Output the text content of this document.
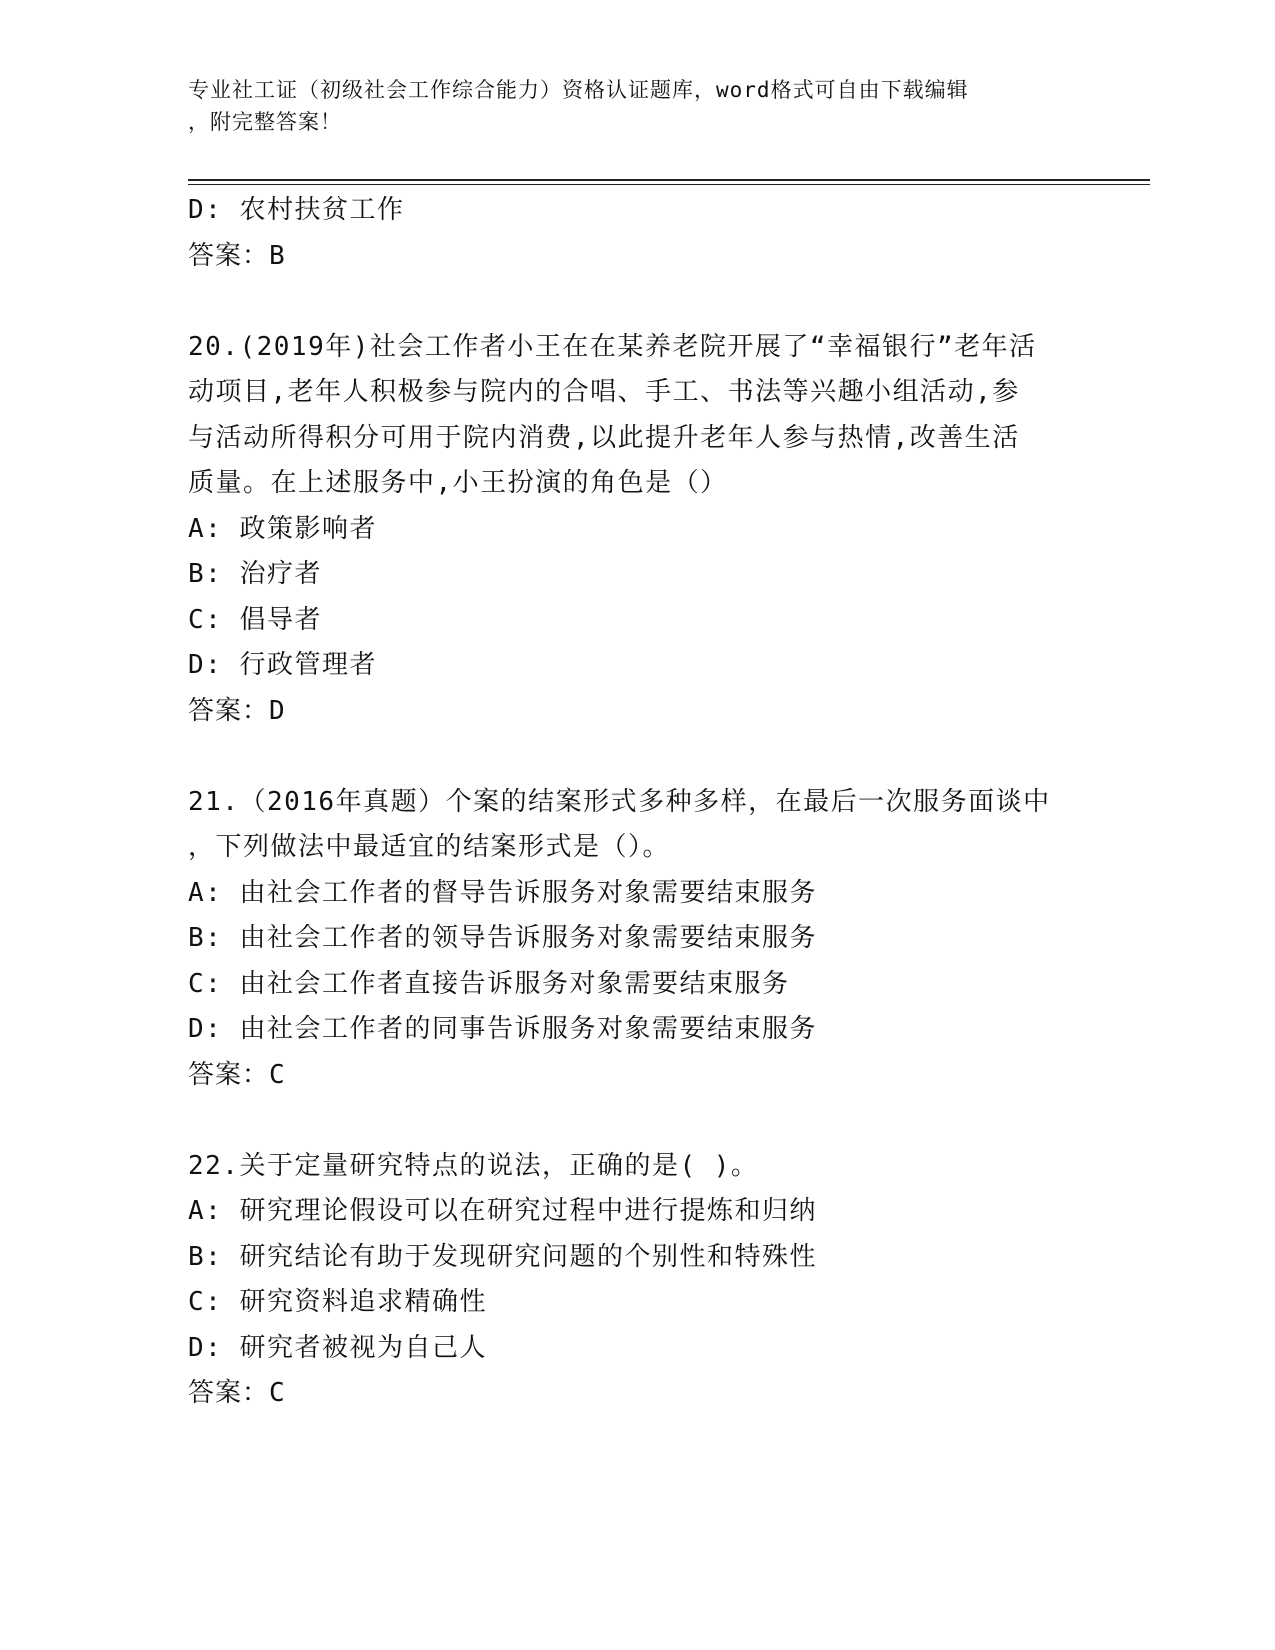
专业社工证（初级社会工作综合能力）资格认证题库，word格式可自由下载编辑
，附完整答案！
D: 农村扶贫工作
答案：B
20.(2019年)社会工作者小王在在某养老院开展了“幸福银行”老年活
动项目,老年人积极参与院内的合唱、手工、书法等兴趣小组活动,参
与活动所得积分可用于院内消费,以此提升老年人参与热情,改善生活
质量。在上述服务中,小王扮演的角色是（）
A: 政策影响者
B: 治疗者
C: 倡导者
D: 行政管理者
答案：D
21.（2016年真题）个案的结案形式多种多样，在最后一次服务面谈中
，下列做法中最适宜的结案形式是（）。
A: 由社会工作者的督导告诉服务对象需要结束服务
B: 由社会工作者的领导告诉服务对象需要结束服务
C: 由社会工作者直接告诉服务对象需要结束服务
D: 由社会工作者的同事告诉服务对象需要结束服务
答案：C
22.关于定量研究特点的说法，正确的是( )。
A: 研究理论假设可以在研究过程中进行提炼和归纳
B: 研究结论有助于发现研究问题的个别性和特殊性
C: 研究资料追求精确性
D: 研究者被视为自己人
答案：C
